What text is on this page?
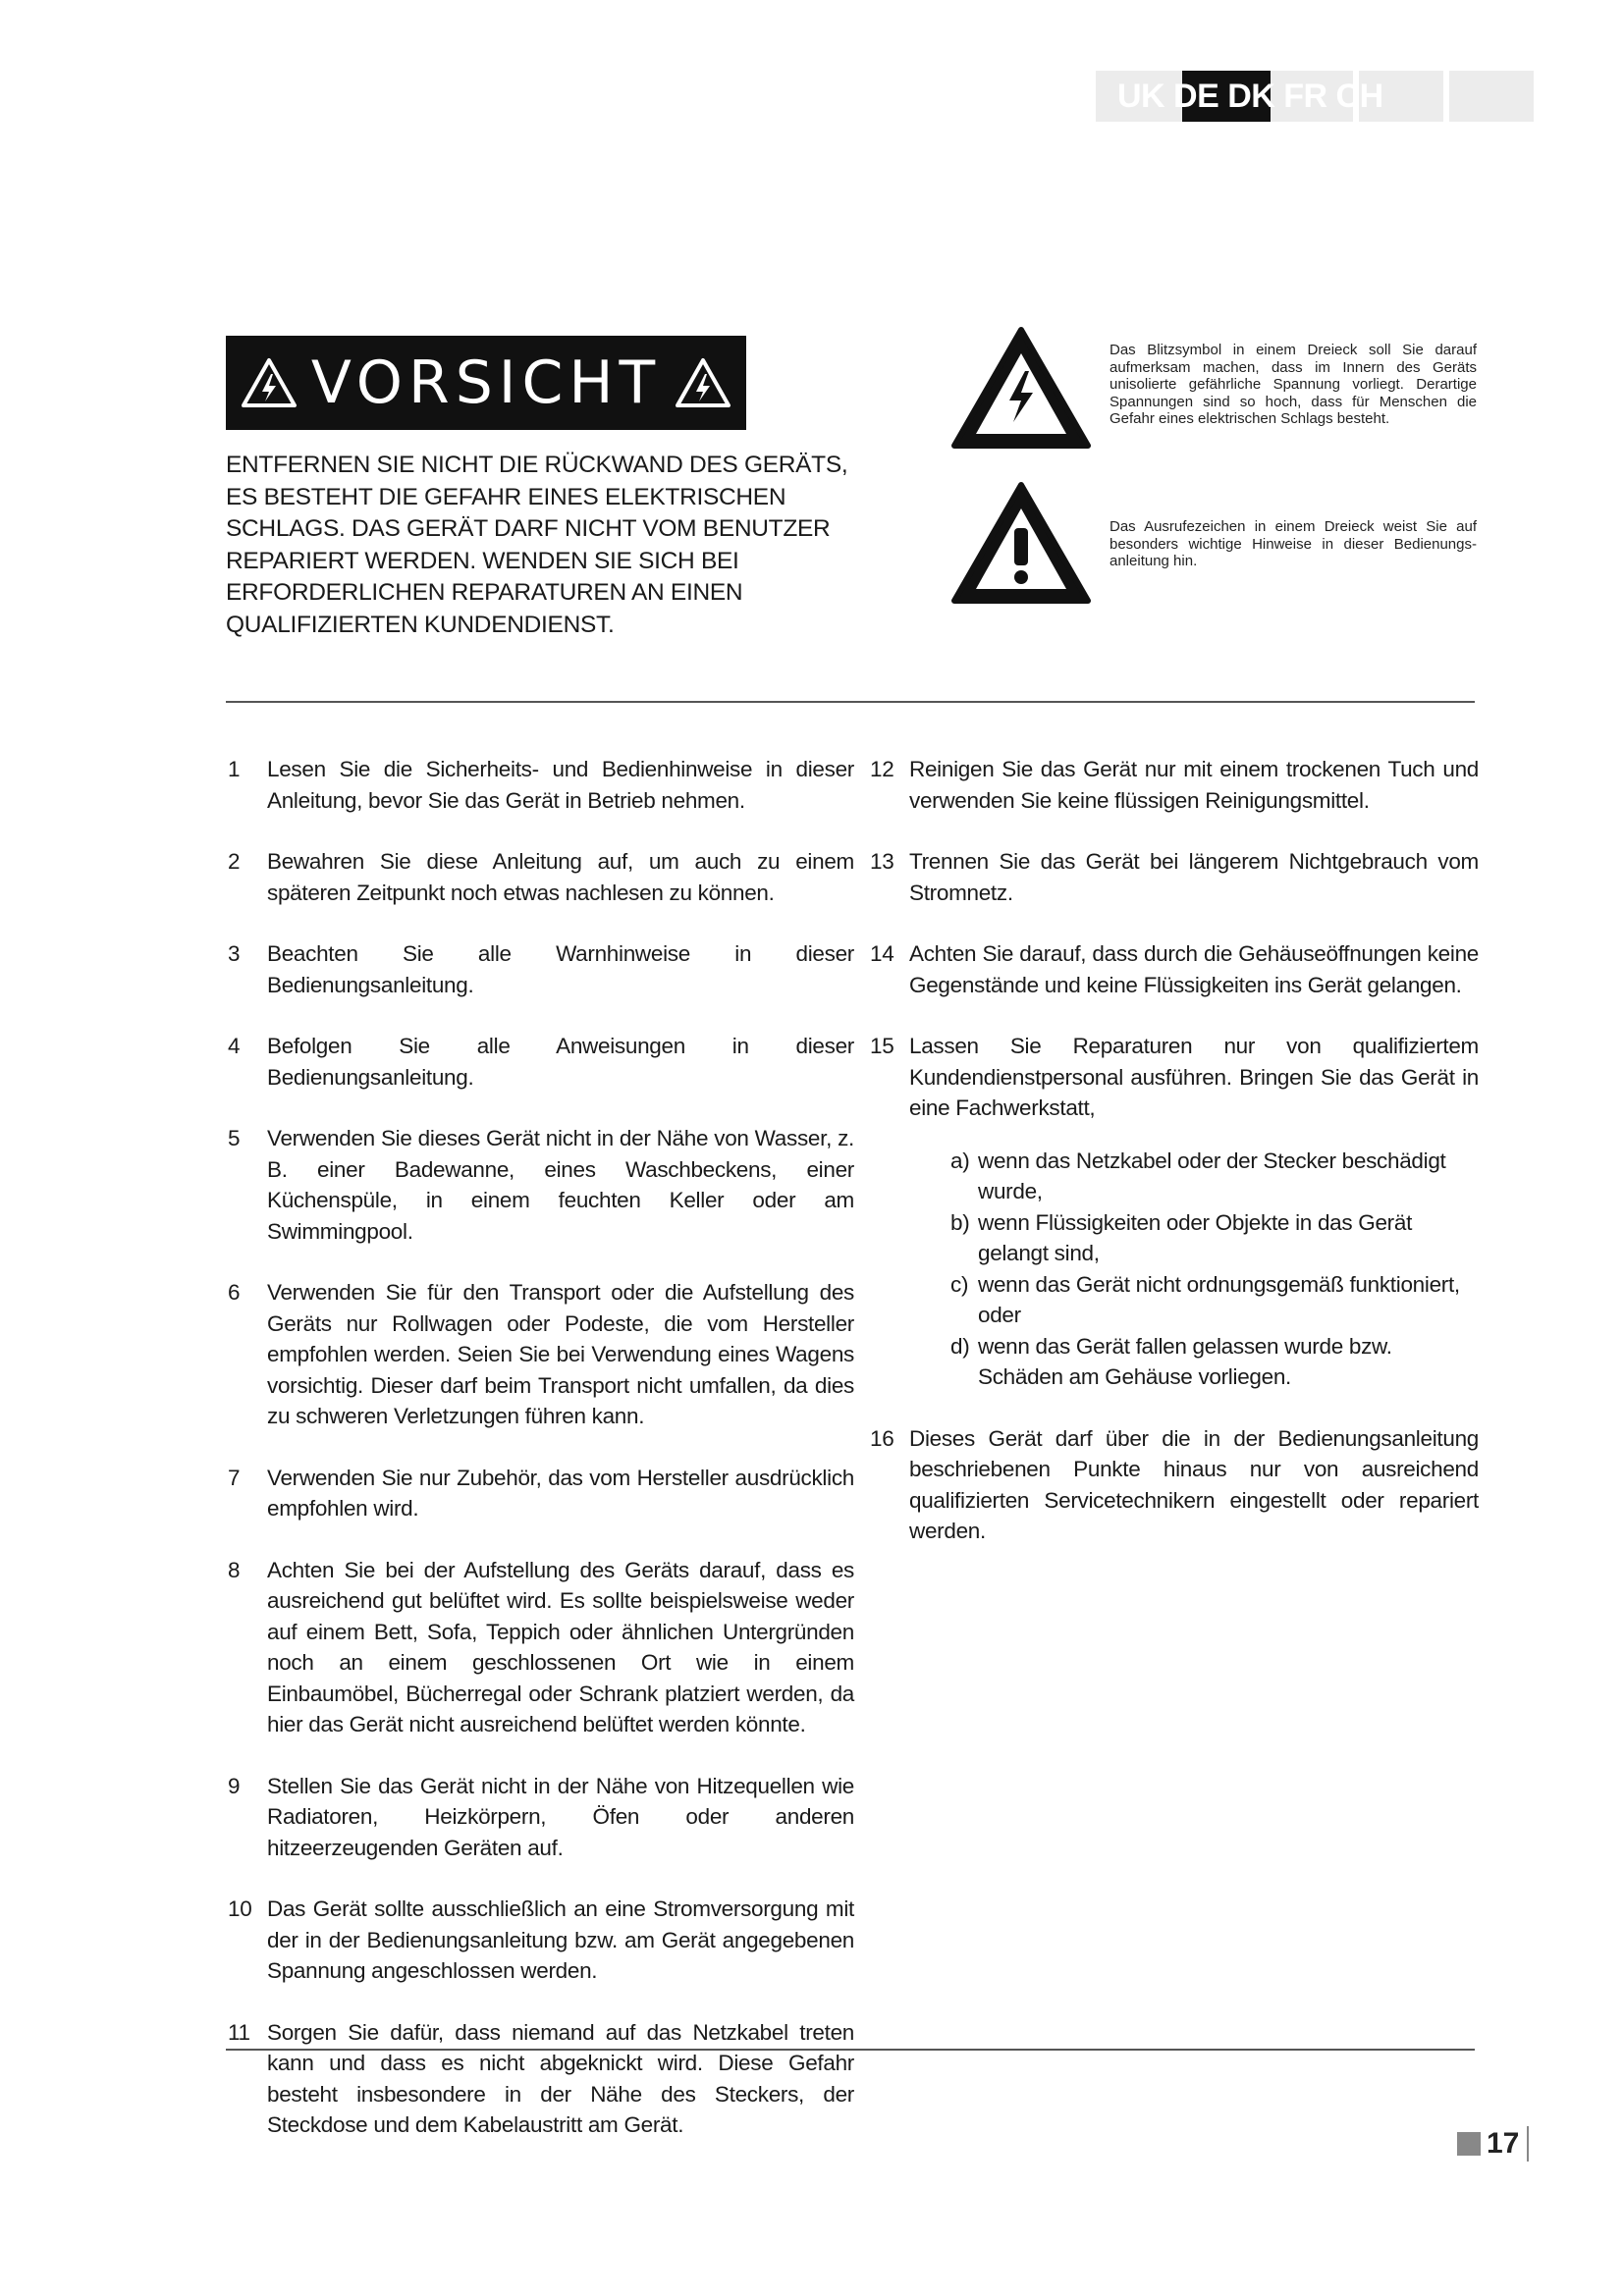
UK DE DK FR CH
VORSICHT
ENTFERNEN SIE NICHT DIE RÜCKWAND DES GERÄTS, ES BESTEHT DIE GEFAHR EINES ELEKTRISCHEN SCHLAGS. DAS GERÄT DARF NICHT VOM BENUTZER REPARIERT WERDEN. WENDEN SIE SICH BEI ERFORDERLICHEN REPARATUREN AN EINEN QUALIFIZIERTEN KUNDENDIENST.
Das Blitzsymbol in einem Dreieck soll Sie darauf aufmerksam machen, dass im Innern des Geräts unisolierte gefährliche Spannung vorliegt. Derartige Spannungen sind so hoch, dass für Menschen die Gefahr eines elektrischen Schlags besteht.
Das Ausrufezeichen in einem Dreieck weist Sie auf besonders wichtige Hinweise in dieser Bedienungs-anleitung hin.
1	Lesen Sie die Sicherheits- und Bedienhinweise in dieser Anleitung, bevor Sie das Gerät in Betrieb nehmen.
2	Bewahren Sie diese Anleitung auf, um auch zu einem späteren Zeitpunkt noch etwas nachlesen zu können.
3	Beachten Sie alle Warnhinweise in dieser Bedienungsanleitung.
4	Befolgen Sie alle Anweisungen in dieser Bedienungsanleitung.
5	Verwenden Sie dieses Gerät nicht in der Nähe von Wasser, z. B. einer Badewanne, eines Waschbeckens, einer Küchenspüle, in einem feuchten Keller oder am Swimmingpool.
6	Verwenden Sie für den Transport oder die Aufstellung des Geräts nur Rollwagen oder Podeste, die vom Hersteller empfohlen werden. Seien Sie bei Verwendung eines Wagens vorsichtig. Dieser darf beim Transport nicht umfallen, da dies zu schweren Verletzungen führen kann.
7	Verwenden Sie nur Zubehör, das vom Hersteller ausdrücklich empfohlen wird.
8	Achten Sie bei der Aufstellung des Geräts darauf, dass es ausreichend gut belüftet wird. Es sollte beispielsweise weder auf einem Bett, Sofa, Teppich oder ähnlichen Untergründen noch an einem geschlossenen Ort wie in einem Einbaumöbel, Bücherregal oder Schrank platziert werden, da hier das Gerät nicht ausreichend belüftet werden könnte.
9	Stellen Sie das Gerät nicht in der Nähe von Hitzequellen wie Radiatoren, Heizkörpern, Öfen oder anderen hitzeerzeugenden Geräten auf.
10 Das Gerät sollte ausschließlich an eine Stromversorgung mit der in der Bedienungsanleitung bzw. am Gerät angegebenen Spannung angeschlossen werden.
11 Sorgen Sie dafür, dass niemand auf das Netzkabel treten kann und dass es nicht abgeknickt wird. Diese Gefahr besteht insbesondere in der Nähe des Steckers, der Steckdose und dem Kabelaustritt am Gerät.
12 Reinigen Sie das Gerät nur mit einem trockenen Tuch und verwenden Sie keine flüssigen Reinigungsmittel.
13 Trennen Sie das Gerät bei längerem Nichtgebrauch vom Stromnetz.
14 Achten Sie darauf, dass durch die Gehäuseöffnungen keine Gegenstände und keine Flüssigkeiten ins Gerät gelangen.
15 Lassen Sie Reparaturen nur von qualifiziertem Kundendienstpersonal ausführen. Bringen Sie das Gerät in eine Fachwerkstatt,
a) wenn das Netzkabel oder der Stecker beschädigt wurde,
b) wenn Flüssigkeiten oder Objekte in das Gerät gelangt sind,
c) wenn das Gerät nicht ordnungsgemäß funktioniert, oder
d) wenn das Gerät fallen gelassen wurde bzw. Schäden am Gehäuse vorliegen.
16 Dieses Gerät darf über die in der Bedienungsanleitung beschriebenen Punkte hinaus nur von ausreichend qualifizierten Servicetechnikern eingestellt oder repariert werden.
17
